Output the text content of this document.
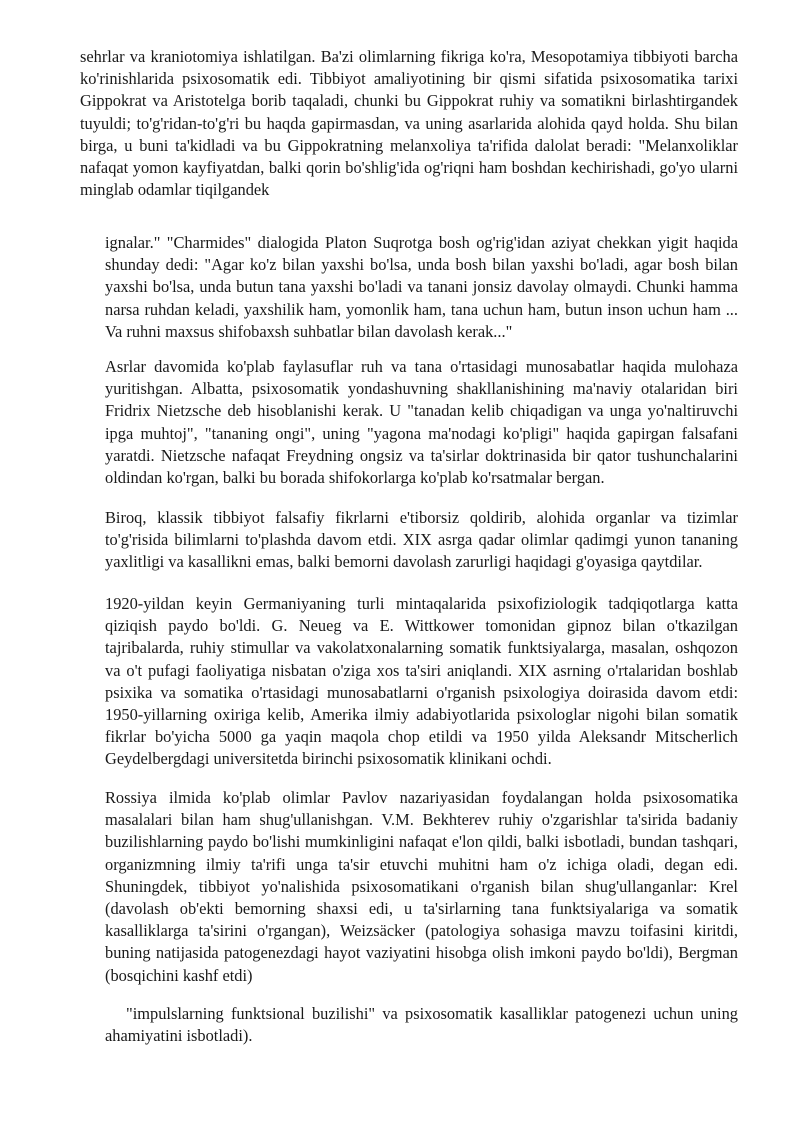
sehrlar va kraniotomiya ishlatilgan. Ba'zi olimlarning fikriga ko'ra, Mesopotamiya tibbiyoti barcha ko'rinishlarida psixosomatik edi. Tibbiyot amaliyotining bir qismi sifatida psixosomatika tarixi Gippokrat va Aristotelga borib taqaladi, chunki bu Gippokrat ruhiy va somatikni birlashtirgandek tuyuldi; to'g'ridan-to'g'ri bu haqda gapirmasdan, va uning asarlarida alohida qayd holda. Shu bilan birga, u buni ta'kidladi va bu Gippokratning melanxoliya ta'rifida dalolat beradi: "Melanxoliklar nafaqat yomon kayfiyatdan, balki qorin bo'shlig'ida og'riqni ham boshdan kechirishadi, go'yo ularni minglab odamlar tiqilgandek

ignalar." "Charmides" dialogida Platon Suqrotga bosh og'rig'idan aziyat chekkan yigit haqida shunday dedi: "Agar ko'z bilan yaxshi bo'lsa, unda bosh bilan yaxshi bo'ladi, agar bosh bilan yaxshi bo'lsa, unda butun tana yaxshi bo'ladi va tanani jonsiz davolay olmaydi. Chunki hamma narsa ruhdan keladi, yaxshilik ham, yomonlik ham, tana uchun ham, butun inson uchun ham ... Va ruhni maxsus shifobaxsh suhbatlar bilan davolash kerak..."

Asrlar davomida ko'plab faylasuflar ruh va tana o'rtasidagi munosabatlar haqida mulohaza yuritishgan. Albatta, psixosomatik yondashuvning shakllanishining ma'naviy otalaridan biri Fridrix Nietzsche deb hisoblanishi kerak. U "tanadan kelib chiqadigan va unga yo'naltiruvchi ipga muhtoj", "tananing ongi", uning "yagona ma'nodagi ko'pligi" haqida gapirgan falsafani yaratdi. Nietzsche nafaqat Freydning ongsiz va ta'sirlar doktrinasida bir qator tushunchalarini oldindan ko'rgan, balki bu borada shifokorlarga ko'plab ko'rsatmalar bergan.

Biroq, klassik tibbiyot falsafiy fikrlarni e'tiborsiz qoldirib, alohida organlar va tizimlar to'g'risida bilimlarni to'plashda davom etdi. XIX asrga qadar olimlar qadimgi yunon tananing yaxlitligi va kasallikni emas, balki bemorni davolash zarurligi haqidagi g'oyasiga qaytdilar.

1920-yildan keyin Germaniyaning turli mintaqalarida psixofiziologik tadqiqotlarga katta qiziqish paydo bo'ldi. G. Neueg va E. Wittkower tomonidan gipnoz bilan o'tkazilgan tajribalarda, ruhiy stimullar va vakolatxonalarning somatik funktsiyalarga, masalan, oshqozon va o't pufagi faoliyatiga nisbatan o'ziga xos ta'siri aniqlandi. XIX asrning o'rtalaridan boshlab psixika va somatika o'rtasidagi munosabatlarni o'rganish psixologiya doirasida davom etdi: 1950-yillarning oxiriga kelib, Amerika ilmiy adabiyotlarida psixologlar nigohi bilan somatik fikrlar bo'yicha 5000 ga yaqin maqola chop etildi va 1950 yilda Aleksandr Mitscherlich Geydelbergdagi universitetda birinchi psixosomatik klinikani ochdi.

Rossiya ilmida ko'plab olimlar Pavlov nazariyasidan foydalangan holda psixosomatika masalalari bilan ham shug'ullanishgan. V.M. Bekhterev ruhiy o'zgarishlar ta'sirida badaniy buzilishlarning paydo bo'lishi mumkinligini nafaqat e'lon qildi, balki isbotladi, bundan tashqari, organizmning ilmiy ta'rifi unga ta'sir etuvchi muhitni ham o'z ichiga oladi, degan edi. Shuningdek, tibbiyot yo'nalishida psixosomatikani o'rganish bilan shug'ullanganlar: Krel (davolash ob'ekti bemorning shaxsi edi, u ta'sirlarning tana funktsiyalariga va somatik kasalliklarga ta'sirini o'rgangan), Weizsäcker (patologiya sohasiga mavzu toifasini kiritdi, buning natijasida patogenezdagi hayot vaziyatini hisobga olish imkoni paydo bo'ldi), Bergman (bosqichini kashf etdi)

"impulslarning funktsional buzilishi" va psixosomatik kasalliklar patogenezi uchun uning ahamiyatini isbotladi).
